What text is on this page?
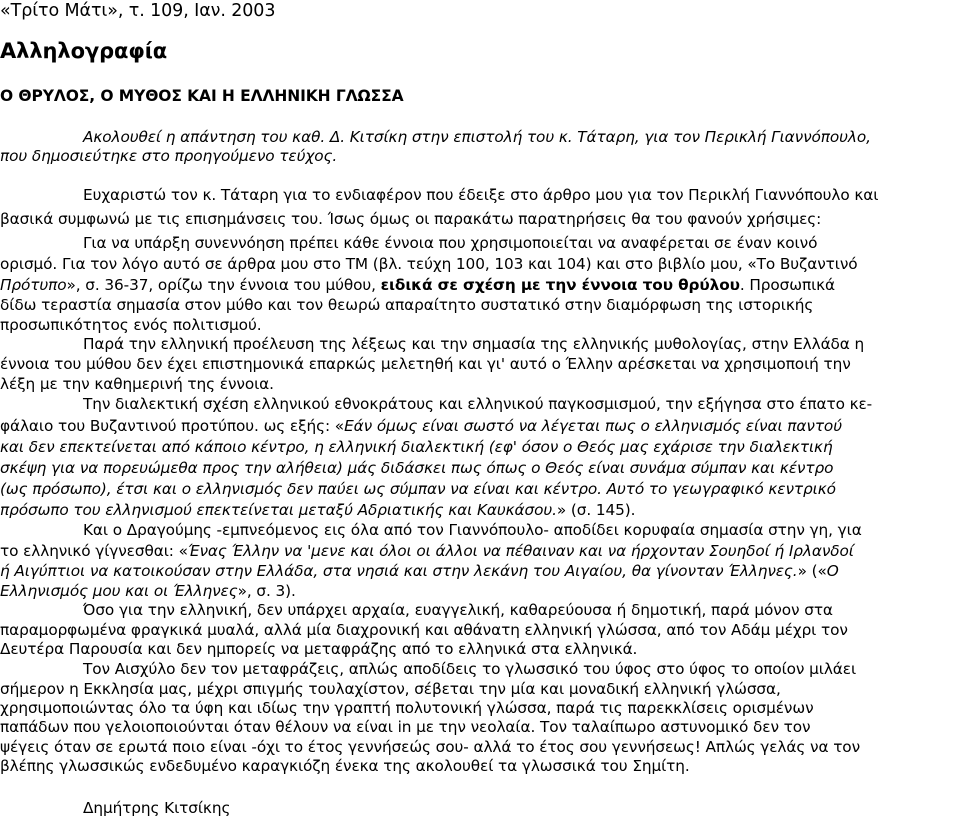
«Τρίτο Μάτι», τ. 109, Ιαν. 2003
Αλληλογραφία
Ο ΘΡΥΛΟΣ, Ο ΜΥΘΟΣ ΚΑΙ Η ΕΛΛΗΝΙΚΗ ΓΛΩΣΣΑ
Ακολουθεί η απάντηση του καθ. Δ. Κιτσίκη στην επιστολή του κ. Τάταρη, για τον Περικλή Γιαννόπουλο,
που δημοσιεύτηκε στο προηγούμενο τεύχος.
Ευχαριστώ τον κ. Τάταρη για το ενδιαφέρον που έδειξε στο άρθρο μου για τον Περικλή Γιαννόπουλο και
βασικά συμφωνώ με τις επισημάνσεις του. Ίσως όμως οι παρακάτω παρατηρήσεις θα του φανούν χρήσιμες:
Για να υπάρξη συνεννόηση πρέπει κάθε έννοια που χρησιμοποιείται να αναφέρεται σε έναν κοινό
ορισμό. Για τον λόγο αυτό σε άρθρα μου στο ΤΜ (βλ. τεύχη 100, 103 και 104) και στο βιβλίο μου, «Το Βυζαντινό
Πρότυπο», σ. 36-37, ορίζω την έννοια του μύθου, ειδικά σε σχέση με την έννοια του θρύλου. Προσωπικά
δίδω τεραστία σημασία στον μύθο και τον θεωρώ απαραίτητο συστατικό στην διαμόρφωση της ιστορικής
προσωπικότητος ενός πολιτισμού.
Παρά την ελληνική προέλευση της λέξεως και την σημασία της ελληνικής μυθολογίας, στην Ελλάδα η
έννοια του μύθου δεν έχει επιστημονικά επαρκώς μελετηθή και γι' αυτό ο Έλλην αρέσκεται να χρησιμοποιή την
λέξη με την καθημερινή της έννοια.
Την διαλεκτική σχέση ελληνικού εθνοκράτους και ελληνικού παγκοσμισμού, την εξήγησα στο έπατο κε-
φάλαιο του Βυζαντινού προτύπου. ως εξής: «Εάν όμως είναι σωστό να λέγεται πως ο ελληνισμός είναι παντού
και δεν επεκτείνεται από κάποιο κέντρο, η ελληνική διαλεκτική (εφ' όσον ο Θεός μας εχάρισε την διαλεκτική
σκέψη για να πορευώμεθα προς την αλήθεια) μάς διδάσκει πως όπως ο Θεός είναι συνάμα σύμπαν και κέντρο
(ως πρόσωπο), έτσι και ο ελληνισμός δεν παύει ως σύμπαν να είναι και κέντρο. Αυτό το γεωγραφικό κεντρικό
πρόσωπο του ελληνισμού επεκτείνεται μεταξύ Αδριατικής και Καυκάσου.» (σ. 145).
Και ο Δραγούμης -εμπνεόμενος εις όλα από τον Γιαννόπουλο- αποδίδει κορυφαία σημασία στην γη, για
το ελληνικό γίγνεσθαι: «Ένας Έλλην να 'μενε και όλοι οι άλλοι να πέθαιναν και να ήρχονταν Σουηδοί ή Ιρλανδοί
ή Αιγύπτιοι να κατοικούσαν στην Ελλάδα, στα νησιά και στην λεκάνη του Αιγαίου, θα γίνονταν Έλληνες.» («Ο
Ελληνισμός μου και οι Έλληνες», σ. 3).
Όσο για την ελληνική, δεν υπάρχει αρχαία, ευαγγελική, καθαρεύουσα ή δημοτική, παρά μόνον στα
παραμορφωμένα φραγκικά μυαλά, αλλά μία διαχρονική και αθάνατη ελληνική γλώσσα, από τον Αδάμ μέχρι τον
Δευτέρα Παρουσία και δεν ημπορείς να μεταφράζης από το ελληνικά στα ελληνικά.
Τον Αισχύλο δεν τον μεταφράζεις, απλώς αποδίδεις το γλωσσικό του ύφος στο ύφος το οποίον μιλάει
σήμερον η Εκκλησία μας, μέχρι σπιγμής τουλαχίστον, σέβεται την μία και μοναδική ελληνική γλώσσα,
χρησιμοποιώντας όλο τα ύφη και ιδίως την γραπτή πολυτονική γλώσσα, παρά τις παρεκκλίσεις ορισμένων
παπάδων που γελοιοποιούνται όταν θέλουν να είναι in με την νεολαία. Τον ταλαίπωρο αστυνομικό δεν τον
ψέγεις όταν σε ερωτά ποιο είναι -όχι το έτος γεννήσεώς σου- αλλά το έτος σου γεννήσεως! Απλώς γελάς να τον
βλέπης γλωσσικώς ενδεδυμένο καραγκιόζη ένεκα της ακολουθεί τα γλωσσικά του Σημίτη.
Δημήτρης Κιτσίκης
